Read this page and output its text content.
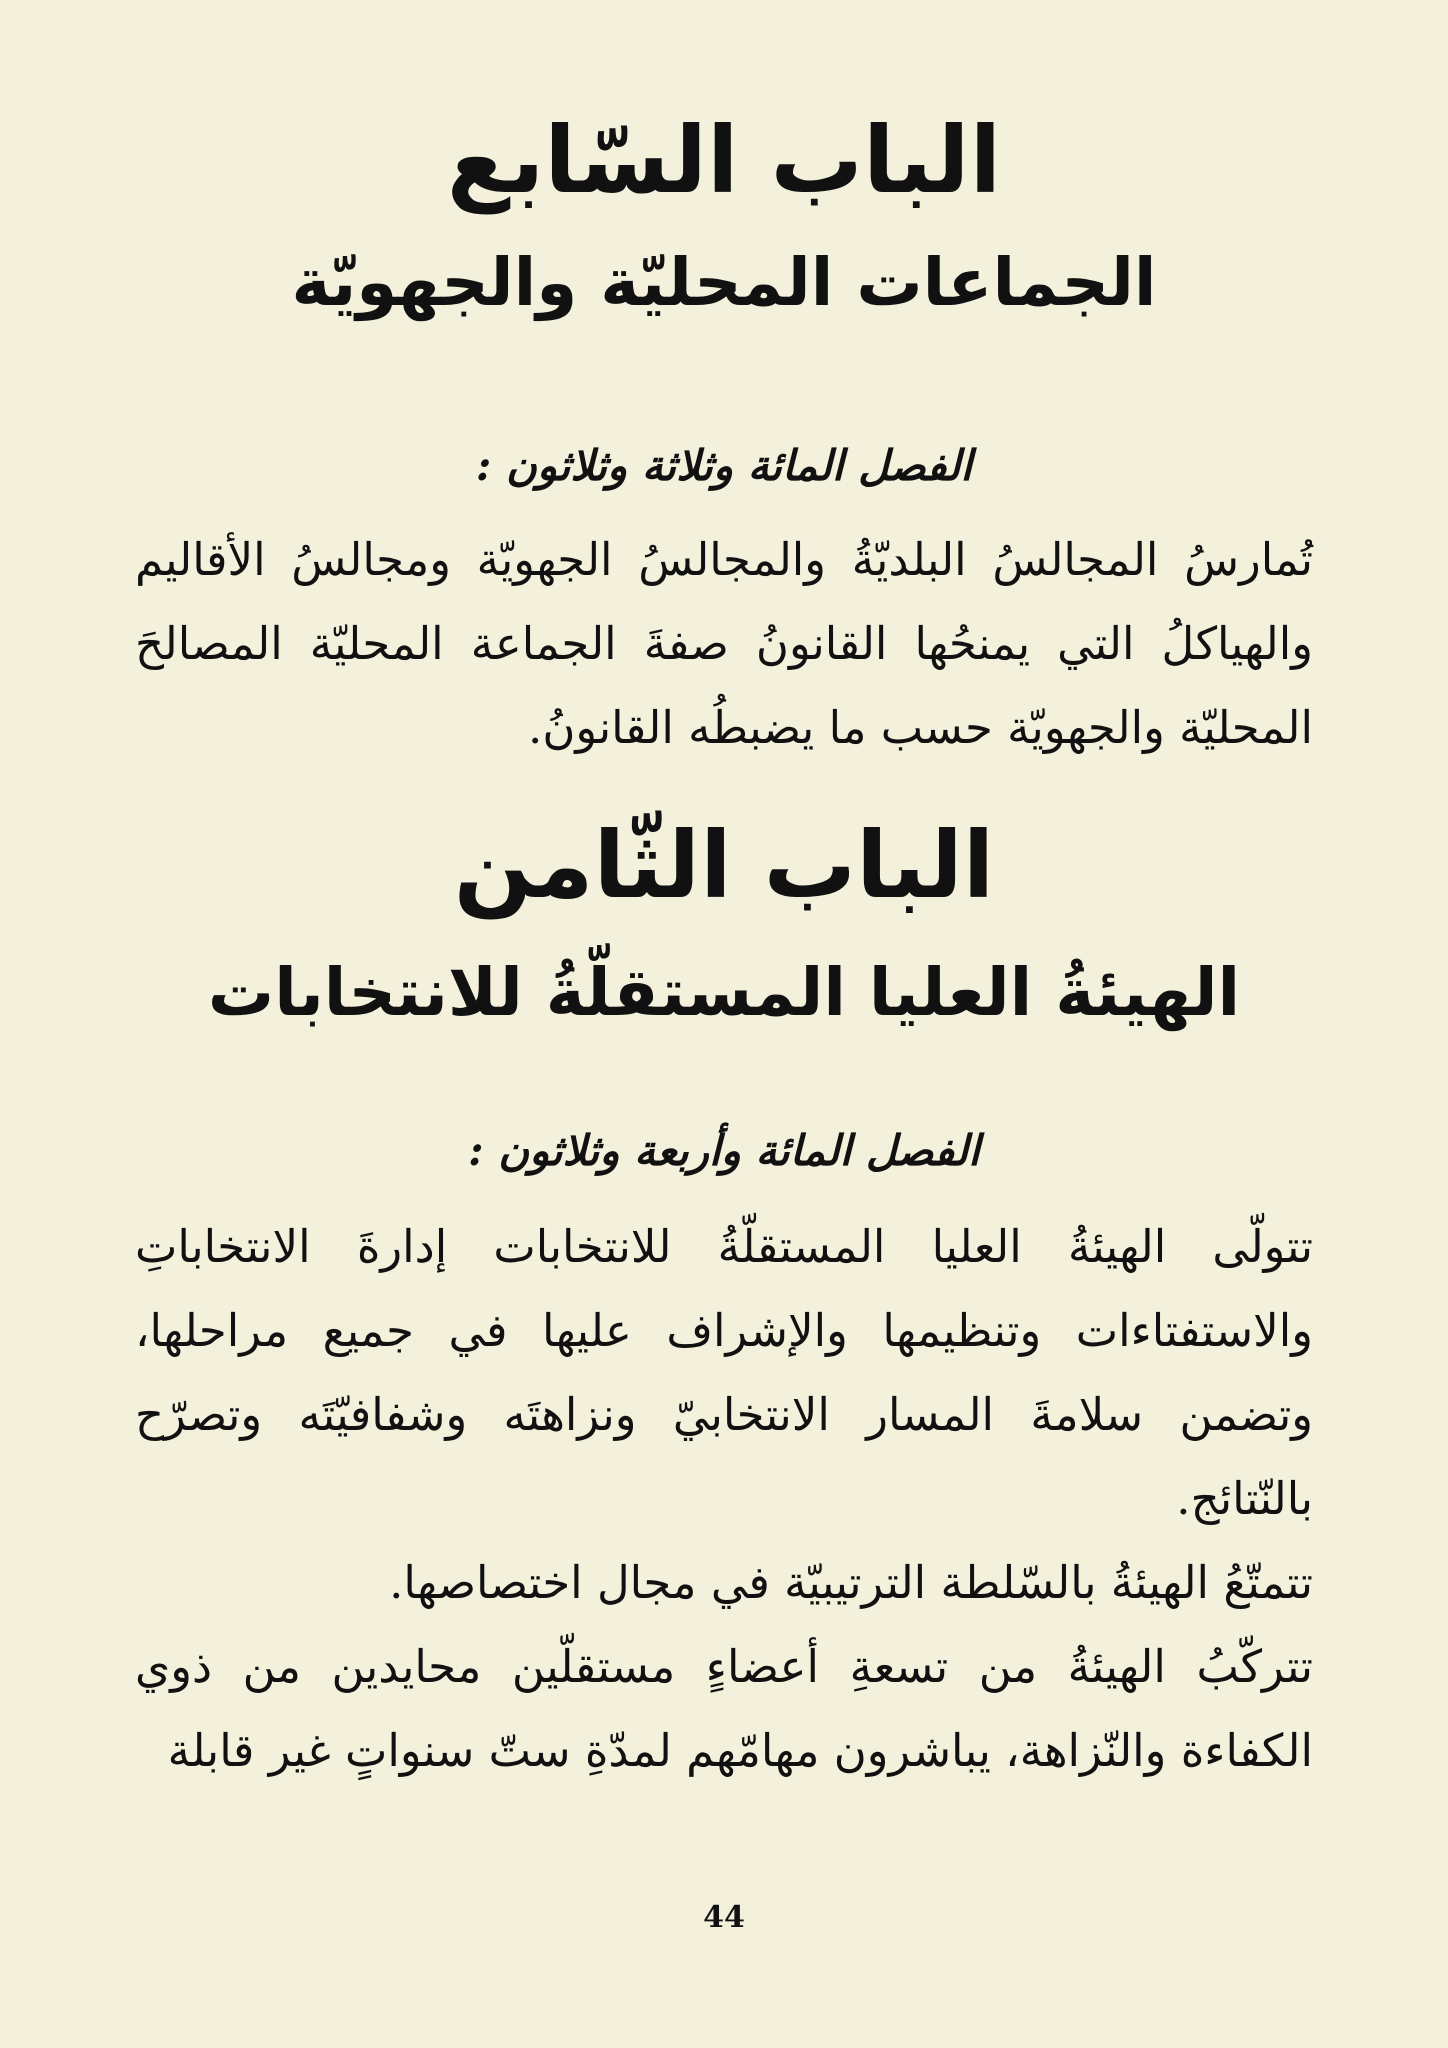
الباب السّابع
الجماعات المحليّة والجهويّة
الفصل المائة وثلاثة وثلاثون :

تُمارسُ المجالسُ البلديّةُ والمجالسُ الجهويّة ومجالسُ الأقاليم والهياكلُ التي يمنحُها القانونُ صفةَ الجماعة المحليّة المصالحَ المحليّة والجهويّة حسب ما يضبطُه القانونُ.

الباب الثّامن
الهيئةُ العليا المستقلّةُ للانتخابات
الفصل المائة وأربعة وثلاثون :

تتولّى الهيئةُ العليا المستقلّةُ للانتخابات إدارةَ الانتخاباتِ والاستفتاءات وتنظيمها والإشراف عليها في جميع مراحلها، وتضمن سلامةَ المسار الانتخابيّ ونزاهتَه وشفافيّتَه وتصرّح بالنّتائج.

تتمتّعُ الهيئةُ بالسّلطة الترتيبيّة في مجال اختصاصها.

تتركّبُ الهيئةُ من تسعةِ أعضاءٍ مستقلّين محايدين من ذوي الكفاءة والنّزاهة، يباشرون مهامّهم لمدّةِ ستّ سنواتٍ غير قابلة

44
